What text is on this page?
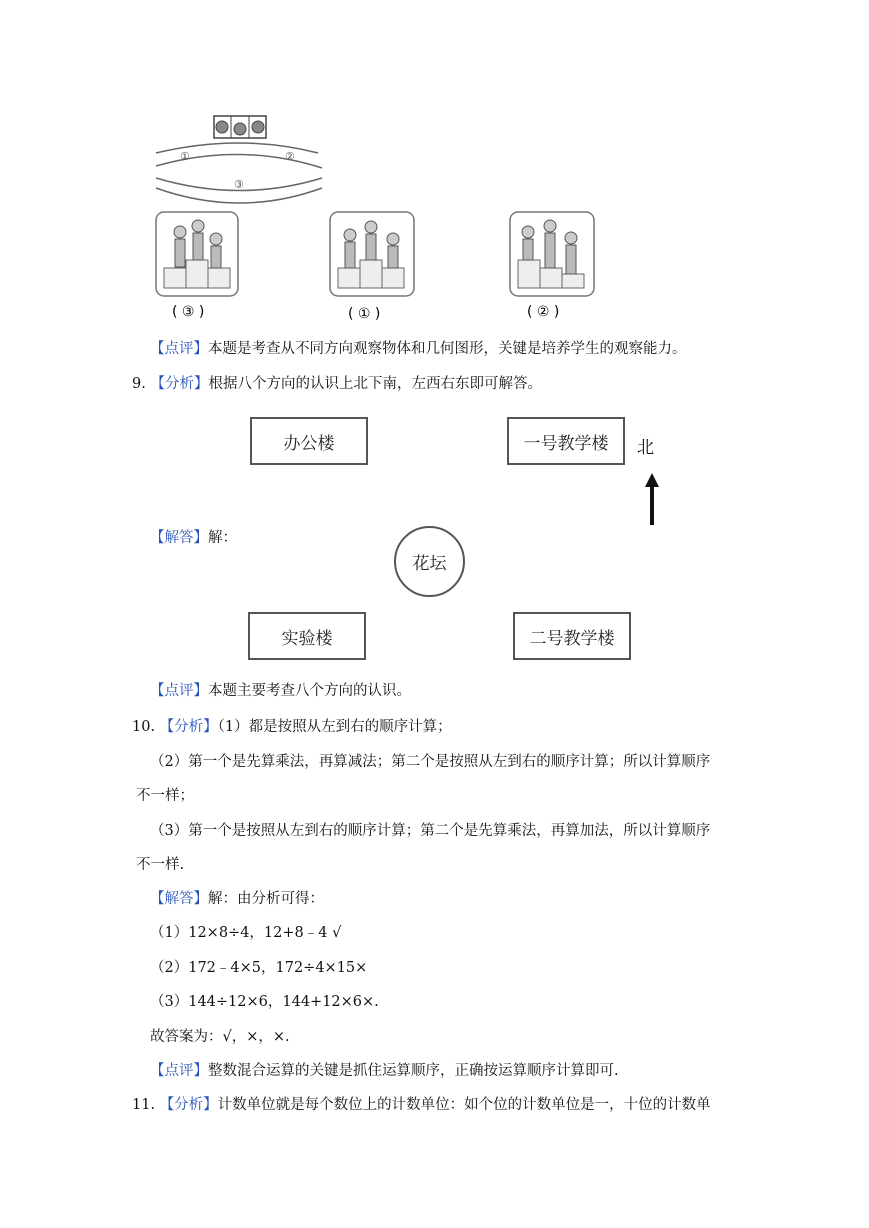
①	②
③
( ③ )	( ① )	( ② )
【点评】本题是考查从不同方向观察物体和几何图形，关键是培养学生的观察能力。
9. 【分析】根据八个方向的认识上北下南，左西右东即可解答。
【解答】解：
办公楼	一号教学楼	北
花坛
实验楼	二号教学楼
【点评】本题主要考查八个方向的认识。
10. 【分析】（1）都是按照从左到右的顺序计算；
（2）第一个是先算乘法，再算减法；第二个是按照从左到右的顺序计算；所以计算顺序
不一样；
（3）第一个是按照从左到右的顺序计算；第二个是先算乘法，再算加法，所以计算顺序
不一样.
【解答】解：由分析可得：
（1）12×8÷4，12+8﹣4 √
（2）172﹣4×5，172÷4×15×
（3）144÷12×6，144+12×6×.
故答案为：√，×，×.
【点评】整数混合运算的关键是抓住运算顺序，正确按运算顺序计算即可.
11. 【分析】计数单位就是每个数位上的计数单位：如个位的计数单位是一，十位的计数单
